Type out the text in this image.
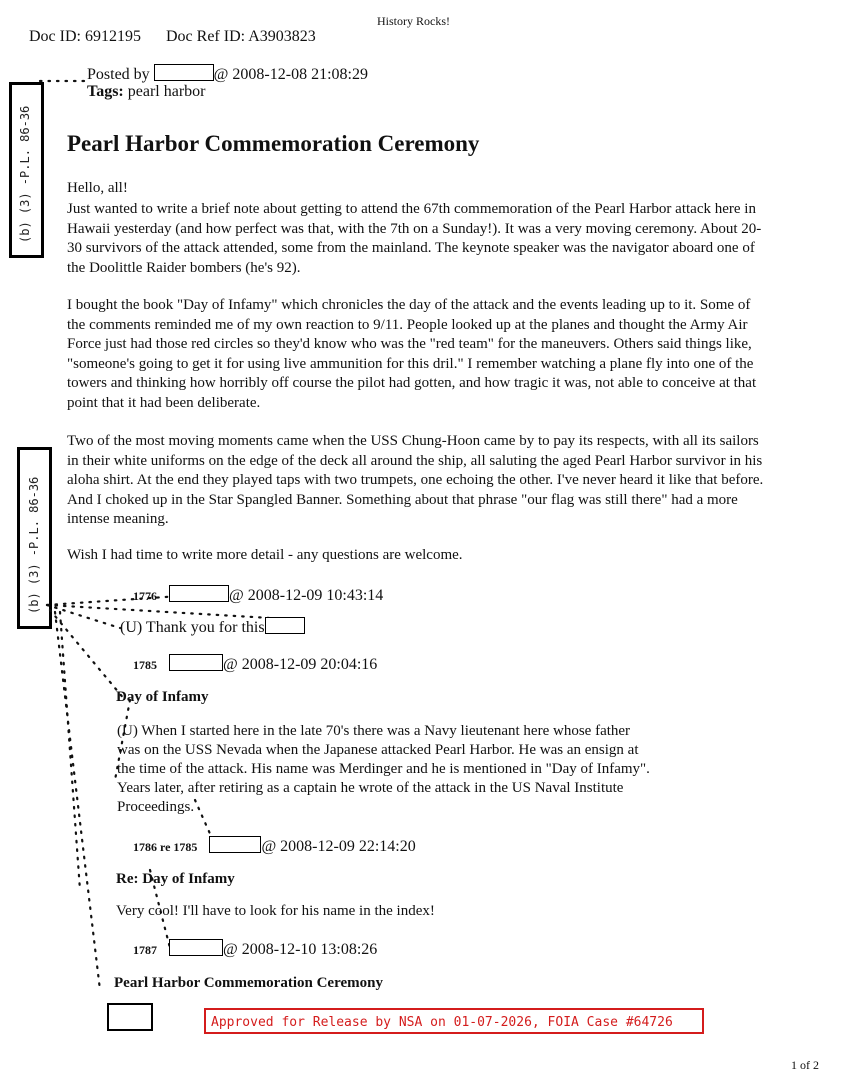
History Rocks!
Doc ID: 6912195 Doc Ref ID: A3903823
(b) (3) -P.L. 86-36
(b) (3) -P.L. 86-36
Posted by	@ 2008-12-08 21:08:29
Tags: pearl harbor
Pearl Harbor Commemoration Ceremony
Hello, all!
Just wanted to write a brief note about getting to attend the 67th commemoration of the Pearl Harbor attack here in Hawaii yesterday (and how perfect was that, with the 7th on a Sunday!). It was a very moving ceremony. About 20-30 survivors of the attack attended, some from the mainland. The keynote speaker was the navigator aboard one of the Doolittle Raider bombers (he's 92).
I bought the book "Day of Infamy" which chronicles the day of the attack and the events leading up to it. Some of the comments reminded me of my own reaction to 9/11. People looked up at the planes and thought the Army Air Force just had those red circles so they'd know who was the "red team" for the maneuvers. Others said things like, "someone's going to get it for using live ammunition for this dril." I remember watching a plane fly into one of the towers and thinking how horribly off course the pilot had gotten, and how tragic it was, not able to conceive at that point that it had been deliberate.
Two of the most moving moments came when the USS Chung-Hoon came by to pay its respects, with all its sailors in their white uniforms on the edge of the deck all around the ship, all saluting the aged Pearl Harbor survivor in his aloha shirt. At the end they played taps with two trumpets, one echoing the other. I've never heard it like that before. And I choked up in the Star Spangled Banner. Something about that phrase "our flag was still there" had a more intense meaning.
Wish I had time to write more detail - any questions are welcome.
1776	@ 2008-12-09 10:43:14
(U) Thank you for this
1785	@ 2008-12-09 20:04:16
Day of Infamy
(U) When I started here in the late 70's there was a Navy lieutenant here whose father
was on the USS Nevada when the Japanese attacked Pearl Harbor. He was an ensign at
the time of the attack. His name was Merdinger and he is mentioned in "Day of Infamy".
Years later, after retiring as a captain he wrote of the attack in the US Naval Institute
Proceedings.
1786 re 1785	@ 2008-12-09 22:14:20
Re: Day of Infamy
Very cool! I'll have to look for his name in the index!
1787	@ 2008-12-10 13:08:26
Pearl Harbor Commemoration Ceremony
Approved for Release by NSA on 01-07-2026, FOIA Case #64726
1 of 2
